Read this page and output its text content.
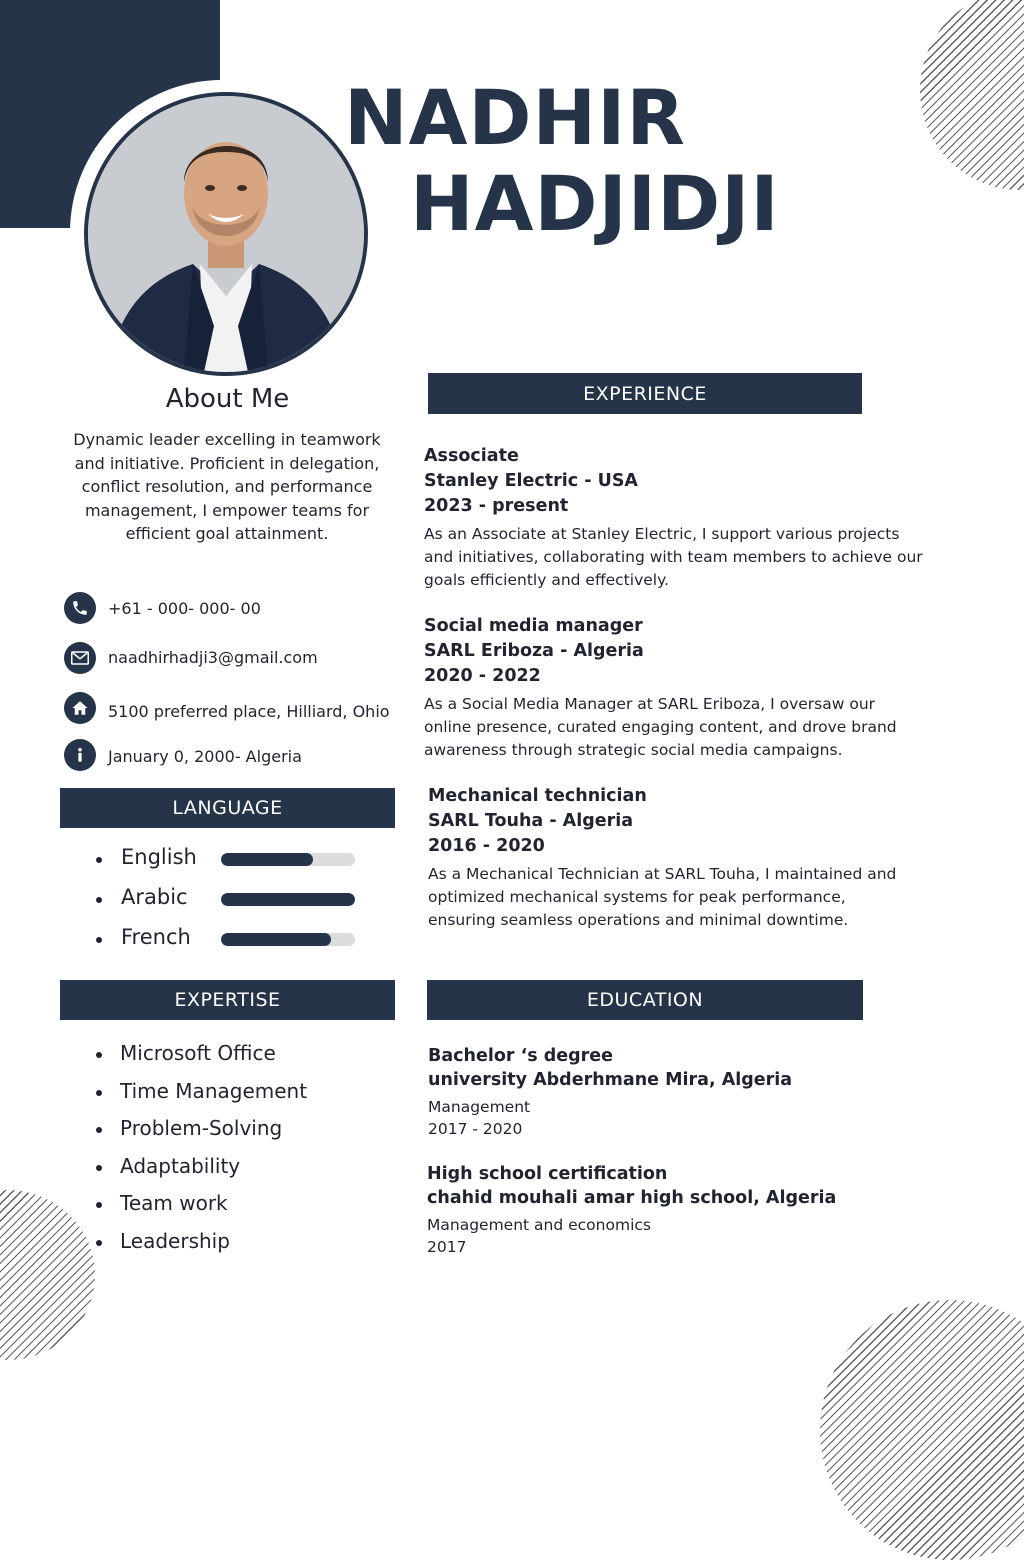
NADHIR
HADJIDJI
About Me
Dynamic leader excelling in teamwork and initiative. Proficient in delegation, conflict resolution, and performance management, I empower teams for efficient goal attainment.
+61 - 000- 000- 00
naadhirhadji3@gmail.com
5100 preferred place, Hilliard, Ohio
January 0, 2000- Algeria
LANGUAGE
English
Arabic
French
EXPERTISE
Microsoft Office
Time Management
Problem-Solving
Adaptability
Team work
Leadership
EXPERIENCE
Associate
Stanley Electric - USA
2023 - present
As an Associate at Stanley Electric, I support various projects and initiatives, collaborating with team members to achieve our goals efficiently and effectively.
Social media manager
SARL Eriboza - Algeria
2020 - 2022
As a Social Media Manager at SARL Eriboza, I oversaw our online presence, curated engaging content, and drove brand awareness through strategic social media campaigns.
Mechanical technician
SARL Touha - Algeria
2016 - 2020
As a Mechanical Technician at SARL Touha, I maintained and optimized mechanical systems for peak performance, ensuring seamless operations and minimal downtime.
EDUCATION
Bachelor ‘s degree
university Abderhmane Mira, Algeria
Management
2017 - 2020
High school certification
chahid mouhali amar high school, Algeria
Management and economics
2017
